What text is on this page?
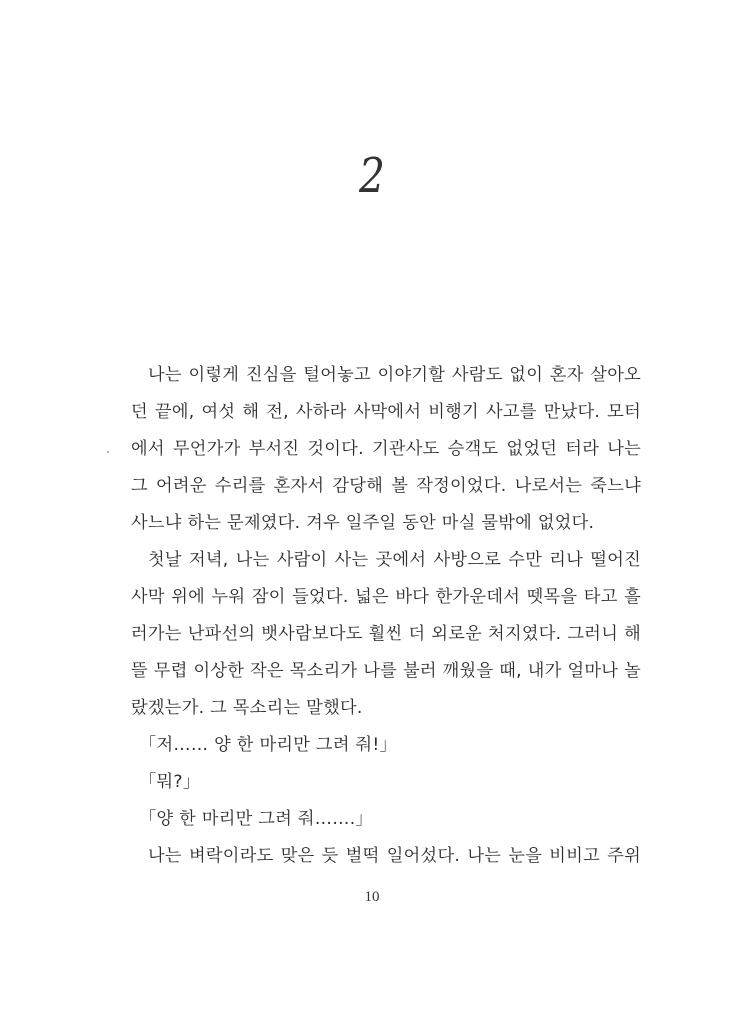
2
나는 이렇게 진심을 털어놓고 이야기할 사람도 없이 혼자 살아오
던 끝에, 여섯 해 전, 사하라 사막에서 비행기 사고를 만났다. 모터
에서 무언가가 부서진 것이다. 기관사도 승객도 없었던 터라 나는
그 어려운 수리를 혼자서 감당해 볼 작정이었다. 나로서는 죽느냐
사느냐 하는 문제였다. 겨우 일주일 동안 마실 물밖에 없었다.
첫날 저녁, 나는 사람이 사는 곳에서 사방으로 수만 리나 떨어진
사막 위에 누워 잠이 들었다. 넓은 바다 한가운데서 뗏목을 타고 흘
러가는 난파선의 뱃사람보다도 훨씬 더 외로운 처지였다. 그러니 해
뜰 무렵 이상한 작은 목소리가 나를 불러 깨웠을 때, 내가 얼마나 놀
랐겠는가. 그 목소리는 말했다.
「저…… 양 한 마리만 그려 줘!」
「뭐?」
「양 한 마리만 그려 줘…….」
나는 벼락이라도 맞은 듯 벌떡 일어섰다. 나는 눈을 비비고 주위
10
